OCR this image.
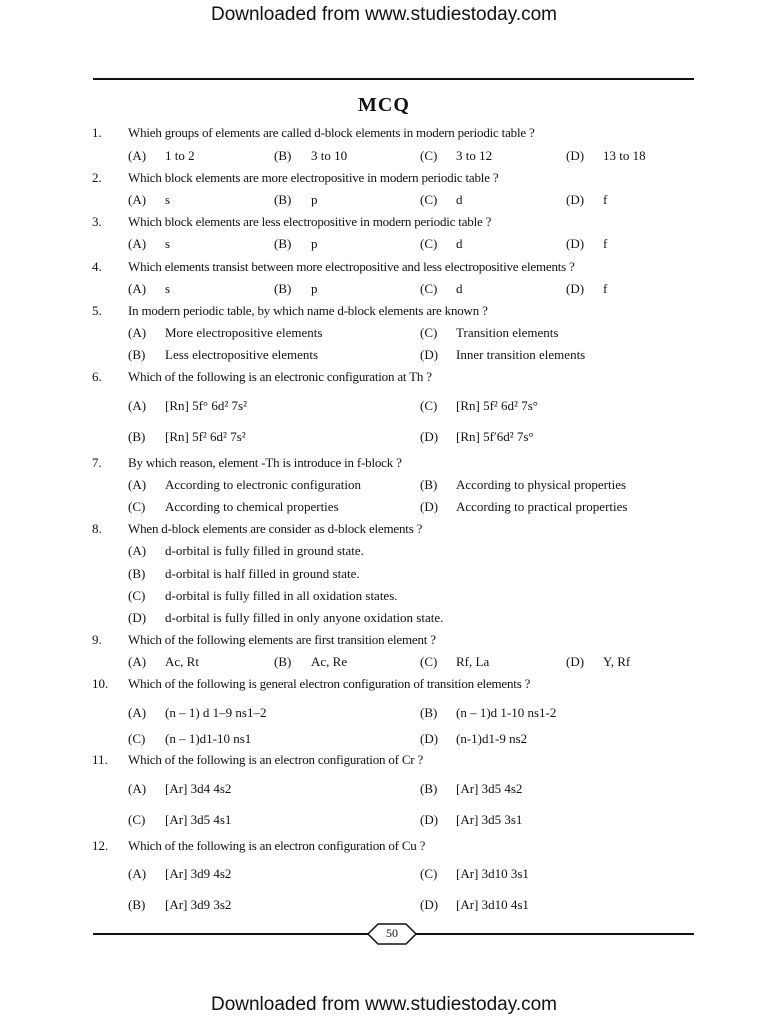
Downloaded from www.studiestoday.com
MCQ
1. Whieh groups of elements are called d-block elements in modern periodic table ?
(A) 1 to 2	(B) 3 to 10	(C) 3 to 12	(D) 13 to 18
2. Which block elements are more electropositive in modern periodic table ?
(A) s	(B) p	(C) d	(D) f
3. Which block elements are less electropositive in modern periodic table ?
(A) s	(B) p	(C) d	(D) f
4. Which elements transist between more electropositive and less electropositive elements ?
(A) s	(B) p	(C) d	(D) f
5. In modern periodic table, by which name d-block elements are known ?
(A) More electropositive elements	(C) Transition elements
(B) Less electropositive elements	(D) Inner transition elements
6. Which of the following is an electronic configuration at Th ?
(A) [Rn] 5f° 6d² 7s²	(C) [Rn] 5f² 6d² 7s°
(B) [Rn] 5f² 6d² 7s²	(D) [Rn] 5f′6d² 7s°
7. By which reason, element -Th is introduce in f-block ?
(A) According to electronic configuration	(B) According to physical properties
(C) According to chemical properties	(D) According to practical properties
8. When d-block elements are consider as d-block elements ?
(A) d-orbital is fully filled in ground state.
(B) d-orbital is half filled in ground state.
(C) d-orbital is fully filled in all oxidation states.
(D) d-orbital is fully filled in only anyone oxidation state.
9. Which of the following elements are first transition element ?
(A) Ac, Rt	(B) Ac, Re	(C) Rf, La	(D) Y, Rf
10. Which of the following is general electron configuration of transition elements ?
(A) (n – 1) d 1–9 ns1–2	(B) (n – 1)d 1-10 ns1-2
(C) (n – 1)d1-10 ns1	(D) (n-1)d1-9 ns2
11. Which of the following is an electron configuration of Cr ?
(A) [Ar] 3d4 4s2	(B) [Ar] 3d5 4s2
(C) [Ar] 3d5 4s1	(D) [Ar] 3d5 3s1
12. Which of the following is an electron configuration of Cu ?
(A) [Ar] 3d9 4s2	(C) [Ar] 3d10 3s1
(B) [Ar] 3d9 3s2	(D) [Ar] 3d10 4s1
50
Downloaded from www.studiestoday.com
